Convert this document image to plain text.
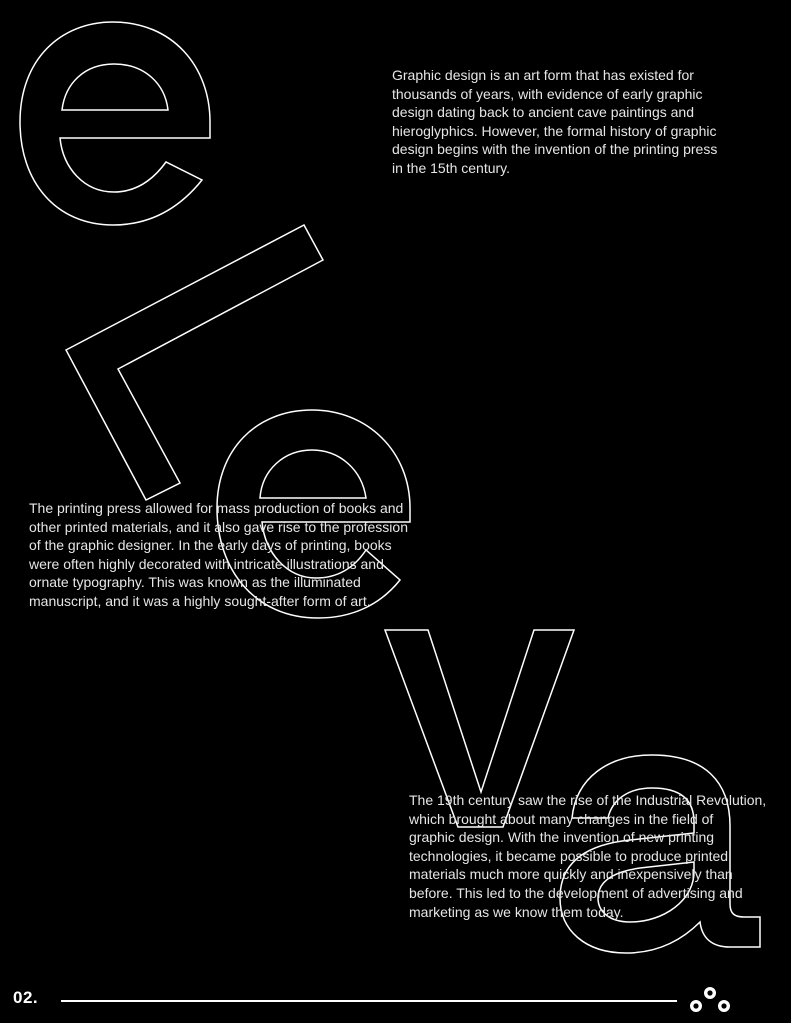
Graphic design is an art form that has existed for
thousands of years, with evidence of early graphic
design dating back to ancient cave paintings and
hieroglyphics. However, the formal history of graphic
design begins with the invention of the printing press
in the 15th century.

The printing press allowed for mass production of books and
other printed materials, and it also gave rise to the profession
of the graphic designer. In the early days of printing, books
were often highly decorated with intricate illustrations and
ornate typography. This was known as the illuminated
manuscript, and it was a highly sought-after form of art.

The 19th century saw the rise of the Industrial Revolution,
which brought about many changes in the field of
graphic design. With the invention of new printing
technologies, it became possible to produce printed
materials much more quickly and inexpensively than
before. This led to the development of advertising and
marketing as we know them today.

02.
